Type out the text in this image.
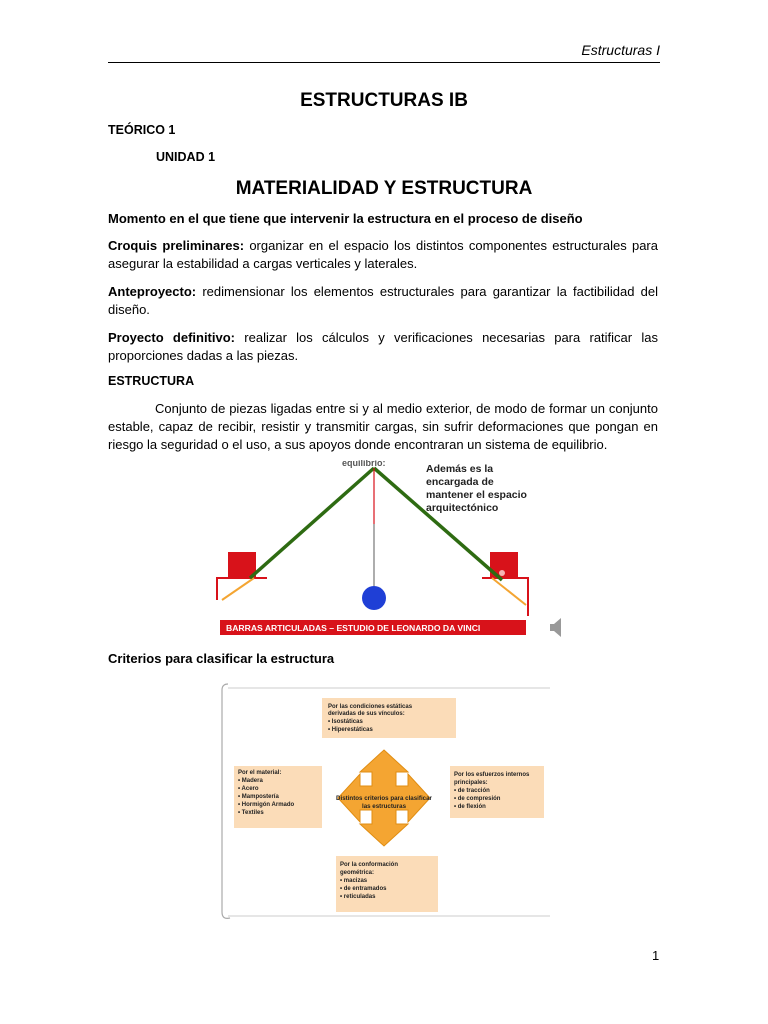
Estructuras I
ESTRUCTURAS IB
TEÓRICO 1
UNIDAD 1
MATERIALIDAD Y ESTRUCTURA
Momento en el que tiene que intervenir la estructura en el proceso de diseño
Croquis preliminares: organizar en el espacio los distintos componentes estructurales para asegurar la estabilidad a cargas verticales y laterales.
Anteproyecto: redimensionar los elementos estructurales para garantizar la factibilidad del diseño.
Proyecto definitivo: realizar los cálculos y verificaciones necesarias para ratificar las proporciones dadas a las piezas.
ESTRUCTURA
Conjunto de piezas ligadas entre si y al medio exterior, de modo de formar un conjunto estable, capaz de recibir, resistir y transmitir cargas, sin sufrir deformaciones que pongan en riesgo la seguridad o el uso, a sus apoyos donde encontraran un sistema de equilibrio.
equilibrio:	Además es la
encargada de
mantener el espacio
arquitectónico
BARRAS ARTICULADAS – ESTUDIO DE LEONARDO DA VINCI
Criterios para clasificar la estructura
Distintos criterios para clasificar las estructuras
Por las condiciones estáticas derivadas de sus vínculos: • Isostáticas • Hiperestáticas
Por el material: • Madera • Acero • Mampostería • Hormigón Armado • Textiles
Por los esfuerzos internos principales: • de tracción • de compresión • de flexión
Por la conformación geométrica: • macizas • de entramados • reticuladas
1
